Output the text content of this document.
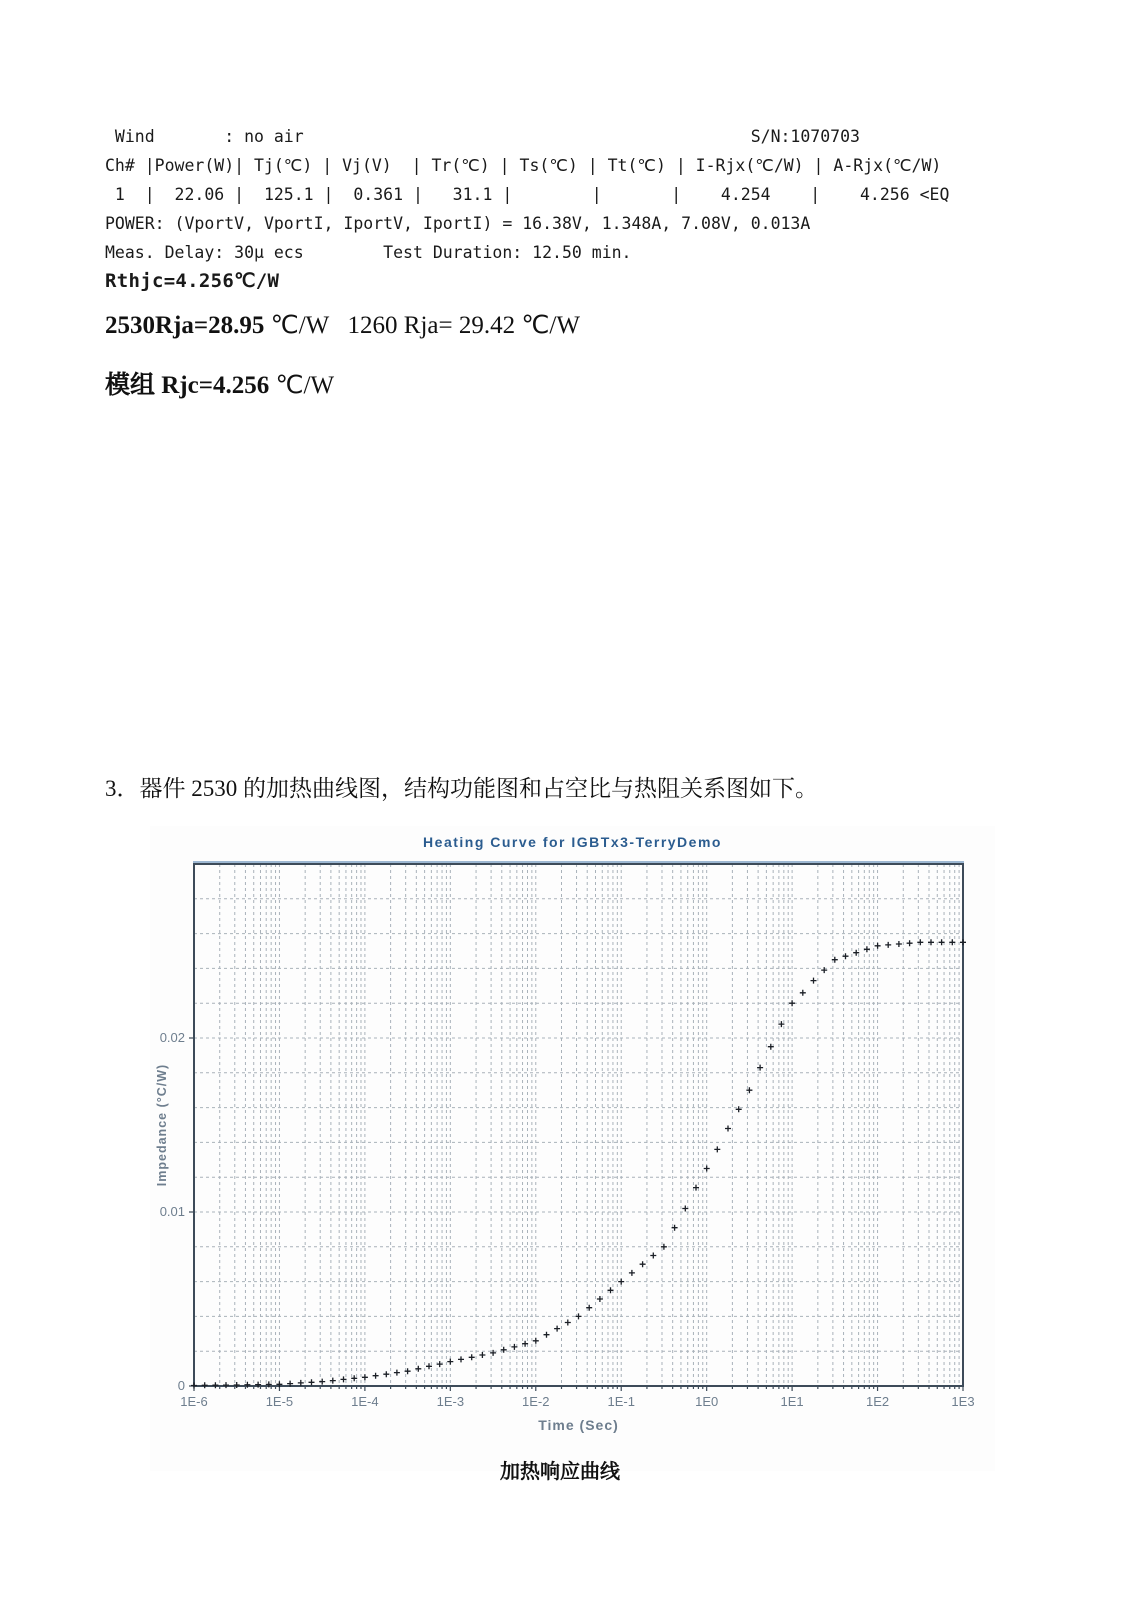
Wind       : no air                                             S/N:1070703
Ch# |Power(W)| Tj(℃) | Vj(V)  | Tr(℃) | Ts(℃) | Tt(℃) | I-Rjx(℃/W) | A-Rjx(℃/W)
1  |  22.06 |  125.1 |  0.361 |   31.1 |        |       |    4.254    |    4.256 <EQ
POWER: (VportV, VportI, IportV, IportI) = 16.38V, 1.348A, 7.08V, 0.013A
Meas. Delay: 30μ ecs        Test Duration: 12.50 min.
Rthjc=4.256℃/W
2530Rja=28.95 ℃/W   1260 Rja= 29.42 ℃/W
模组 Rjc=4.256 ℃/W
3．器件 2530 的加热曲线图，结构功能图和占空比与热阻关系图如下。
Heating Curve for IGBTx3-TerryDemo
Impedance (°C/W)
1E-6	1E-5	1E-4	1E-3	1E-2	1E-1	1E0	1E1	1E2	1E3
0
0.01
0.02
Time (Sec)
加热响应曲线
